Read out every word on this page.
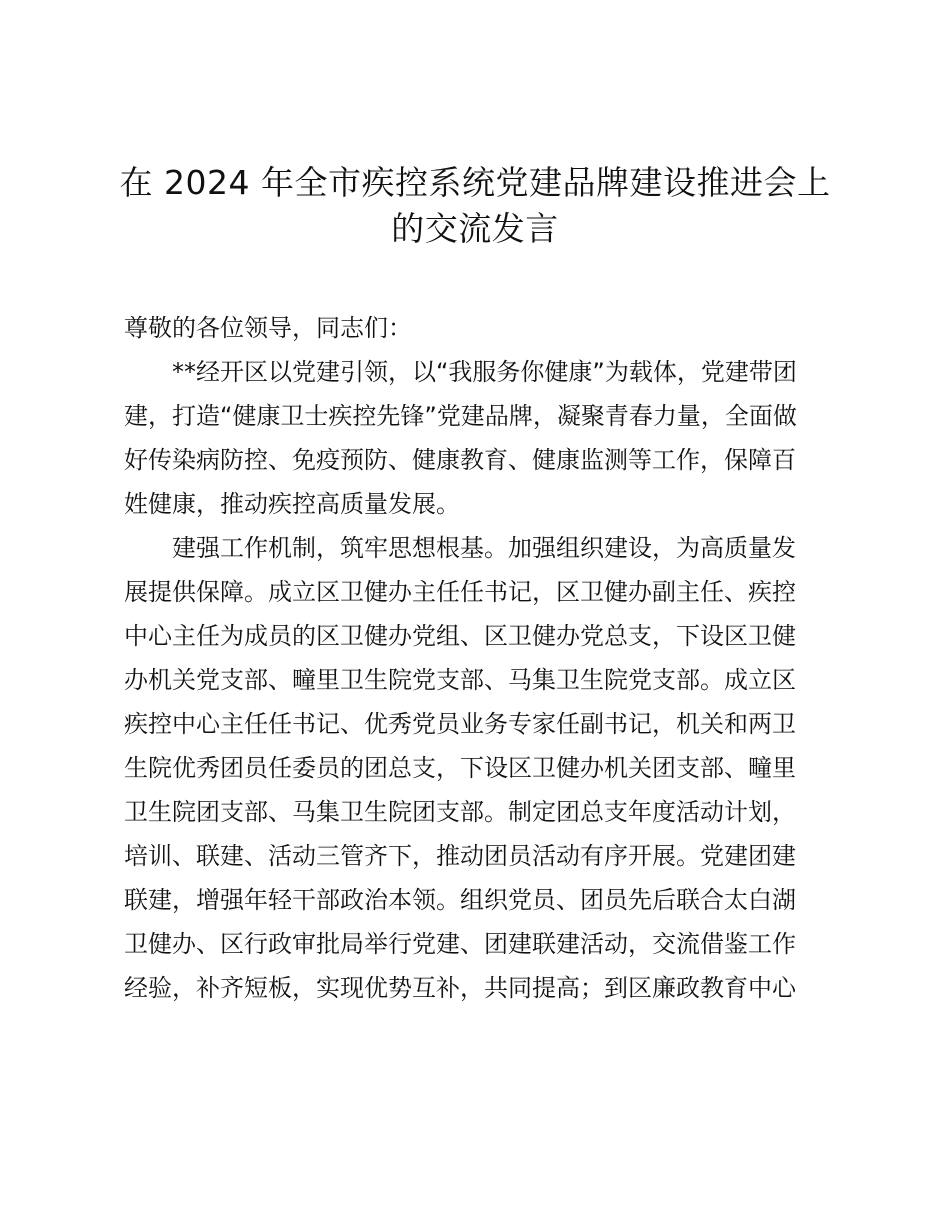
在 2024 年全市疾控系统党建品牌建设推进会上
的交流发言
尊敬的各位领导，同志们：
**经开区以党建引领，以“我服务你健康”为载体，党建带团
建，打造“健康卫士疾控先锋”党建品牌，凝聚青春力量，全面做
好传染病防控、免疫预防、健康教育、健康监测等工作，保障百
姓健康，推动疾控高质量发展。
建强工作机制，筑牢思想根基。加强组织建设，为高质量发
展提供保障。成立区卫健办主任任书记，区卫健办副主任、疾控
中心主任为成员的区卫健办党组、区卫健办党总支，下设区卫健
办机关党支部、疃里卫生院党支部、马集卫生院党支部。成立区
疾控中心主任任书记、优秀党员业务专家任副书记，机关和两卫
生院优秀团员任委员的团总支，下设区卫健办机关团支部、疃里
卫生院团支部、马集卫生院团支部。制定团总支年度活动计划，
培训、联建、活动三管齐下，推动团员活动有序开展。党建团建
联建，增强年轻干部政治本领。组织党员、团员先后联合太白湖
卫健办、区行政审批局举行党建、团建联建活动，交流借鉴工作
经验，补齐短板，实现优势互补，共同提高；到区廉政教育中心
